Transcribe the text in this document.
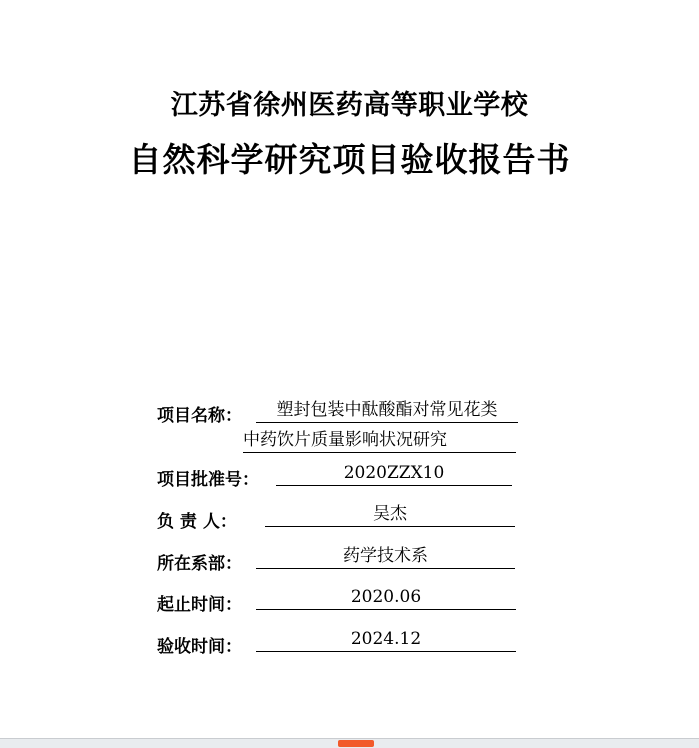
江苏省徐州医药高等职业学校
自然科学研究项目验收报告书
项目名称：	塑封包装中酞酸酯对常见花类
中药饮片质量影响状况研究
项目批准号：	2020ZZX10
负 责 人：	吴杰
所在系部：	药学技术系
起止时间：	2020.06
验收时间：	2024.12
